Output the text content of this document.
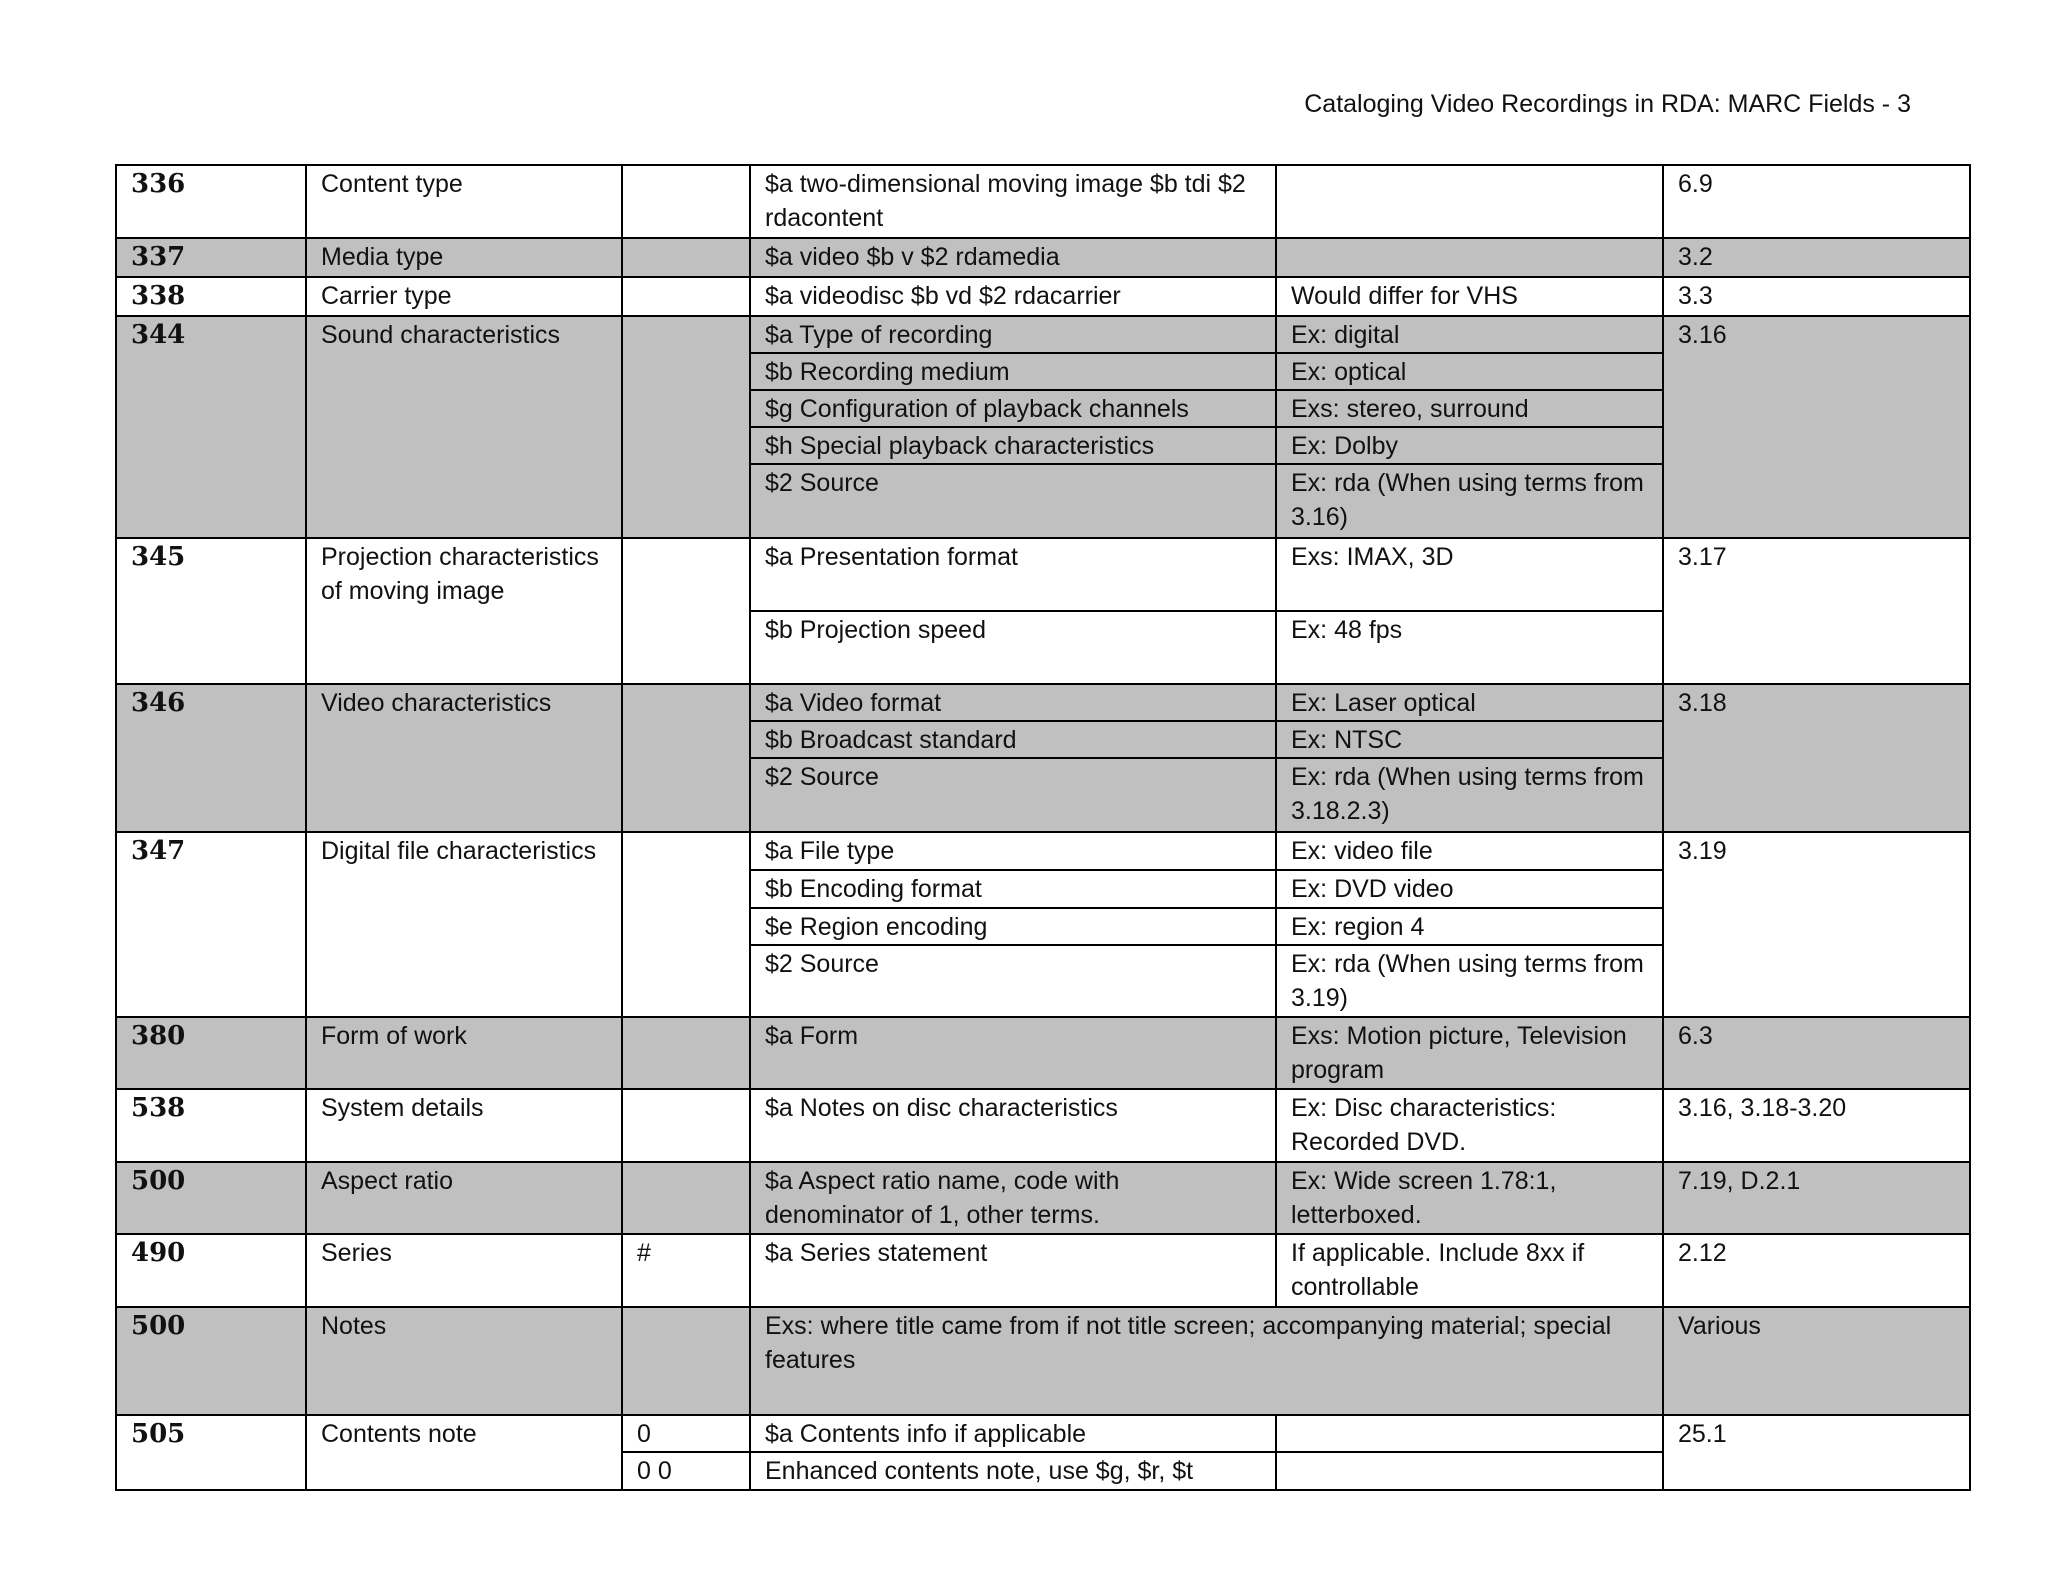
Cataloging Video Recordings in RDA: MARC Fields - 3
336	Content type		$a two-dimensional moving image $b tdi $2 rdacontent		6.9
337	Media type		$a video $b v $2 rdamedia		3.2
338	Carrier type		$a videodisc $b vd $2 rdacarrier	Would differ for VHS	3.3
344	Sound characteristics		$a Type of recording	Ex: digital	3.16
			$b Recording medium	Ex: optical	
			$g Configuration of playback channels	Exs: stereo, surround	
			$h Special playback characteristics	Ex: Dolby	
			$2 Source	Ex: rda (When using terms from 3.16)	
345	Projection characteristics of moving image		$a Presentation format	Exs: IMAX, 3D	3.17
			$b Projection speed	Ex: 48 fps	
346	Video characteristics		$a Video format	Ex: Laser optical	3.18
			$b Broadcast standard	Ex: NTSC	
			$2 Source	Ex: rda (When using terms from 3.18.2.3)	
347	Digital file characteristics		$a File type	Ex: video file	3.19
			$b Encoding format	Ex: DVD video	
			$e Region encoding	Ex: region 4	
			$2 Source	Ex: rda (When using terms from 3.19)	
380	Form of work		$a Form	Exs: Motion picture, Television program	6.3
538	System details		$a Notes on disc characteristics	Ex: Disc characteristics: Recorded DVD.	3.16, 3.18-3.20
500	Aspect ratio		$a Aspect ratio name, code with denominator of 1, other terms.	Ex: Wide screen 1.78:1, letterboxed.	7.19, D.2.1
490	Series	#	$a Series statement	If applicable. Include 8xx if controllable	2.12
500	Notes		Exs: where title came from if not title screen; accompanying material; special features		Various
505	Contents note	0	$a Contents info if applicable		25.1
		0 0	Enhanced contents note, use $g, $r, $t		
